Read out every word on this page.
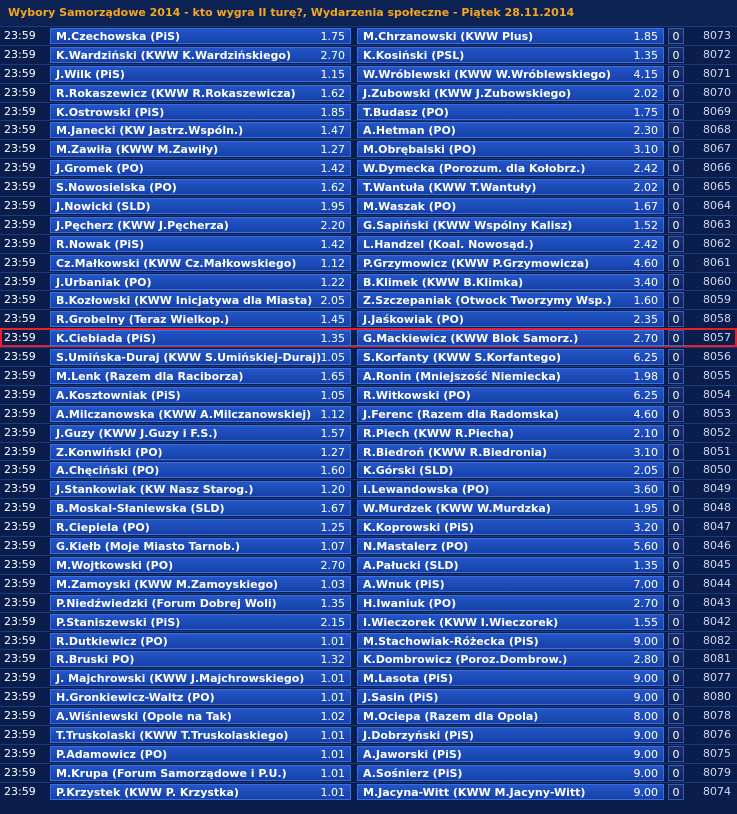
Wybory Samorządowe 2014 - kto wygra II turę?, Wydarzenia społeczne - Piątek 28.11.2014
23:59	M.Czechowska (PiS)	1.75 M.Chrzanowski (KWW Plus)	1.85	0	8073
23:59	K.Wardziński (KWW K.Wardzińskiego)	2.70 K.Kosiński (PSL)	1.35	0	8072
23:59	J.Wilk (PiS)	1.15 W.Wróblewski (KWW W.Wróblewskiego) 4.15	0	8071
23:59	R.Rokaszewicz (KWW R.Rokaszewicza) 1.62 J.Zubowski (KWW J.Zubowskiego)	2.02	0	8070
23:59	K.Ostrowski (PiS)	1.85 T.Budasz (PO)	1.75	0	8069
23:59	M.Janecki (KW Jastrz.Wspóln.)	1.47 A.Hetman (PO)	2.30	0	8068
23:59	M.Zawiła (KWW M.Zawiły)	1.27 M.Obrębalski (PO)	3.10	0	8067
23:59	J.Gromek (PO)	1.42 W.Dymecka (Porozum. dla Kołobrz.)	2.42	0	8066
23:59	S.Nowosielska (PO)	1.62 T.Wantuła (KWW T.Wantuły)	2.02	0	8065
23:59	J.Nowicki (SLD)	1.95 M.Waszak (PO)	1.67	0	8064
23:59	J.Pęcherz (KWW J.Pęcherza)	2.20 G.Sapiński (KWW Wspólny Kalisz)	1.52	0	8063
23:59	R.Nowak (PiS)	1.42 L.Handzel (Koal. Nowosąd.)	2.42	0	8062
23:59	Cz.Małkowski (KWW Cz.Małkowskiego) 1.12 P.Grzymowicz (KWW P.Grzymowicza)	4.60	0	8061
23:59	J.Urbaniak (PO)	1.22 B.Klimek (KWW B.Klimka)	3.40	0	8060
23:59	B.Kozłowski (KWW Inicjatywa dla Miasta) 2.05 Z.Szczepaniak (Otwock Tworzymy Wsp.) 1.60	0	8059
23:59	R.Grobelny (Teraz Wielkop.)	1.45 J.Jaśkowiak (PO)	2.35	0	8058
23:59	K.Ciebiada (PiS)	1.35 G.Mackiewicz (KWW Blok Samorz.)	2.70	0	8057
23:59	S.Umińska-Duraj (KWW S.Umińskiej-Duraj) 1.05 S.Korfanty (KWW S.Korfantego)	6.25	0	8056
23:59	M.Lenk (Razem dla Raciborza)	1.65 A.Ronin (Mniejszość Niemiecka)	1.98	0	8055
23:59	A.Kosztowniak (PiS)	1.05 R.Witkowski (PO)	6.25	0	8054
23:59	A.Milczanowska (KWW A.Milczanowskiej) 1.12 J.Ferenc (Razem dla Radomska)	4.60	0	8053
23:59	J.Guzy (KWW J.Guzy i F.S.)	1.57 R.Piech (KWW R.Piecha)	2.10	0	8052
23:59	Z.Konwiński (PO)	1.27 R.Biedroń (KWW R.Biedronia)	3.10	0	8051
23:59	A.Chęciński (PO)	1.60 K.Górski (SLD)	2.05	0	8050
23:59	J.Stankowiak (KW Nasz Starog.)	1.20 I.Lewandowska (PO)	3.60	0	8049
23:59	B.Moskal-Słaniewska (SLD)	1.67 W.Murdzek (KWW W.Murdzka)	1.95	0	8048
23:59	R.Ciepiela (PO)	1.25 K.Koprowski (PiS)	3.20	0	8047
23:59	G.Kiełb (Moje Miasto Tarnob.)	1.07 N.Mastalerz (PO)	5.60	0	8046
23:59	M.Wojtkowski (PO)	2.70 A.Pałucki (SLD)	1.35	0	8045
23:59	M.Zamoyski (KWW M.Zamoyskiego)	1.03 A.Wnuk (PiS)	7.00	0	8044
23:59	P.Niedźwiedzki (Forum Dobrej Woli)	1.35 H.Iwaniuk (PO)	2.70	0	8043
23:59	P.Staniszewski (PiS)	2.15 I.Wieczorek (KWW I.Wieczorek)	1.55	0	8042
23:59	R.Dutkiewicz (PO)	1.01 M.Stachowiak-Różecka (PiS)	9.00	0	8082
23:59	R.Bruski PO)	1.32 K.Dombrowicz (Poroz.Dombrow.)	2.80	0	8081
23:59	J. Majchrowski (KWW J.Majchrowskiego) 1.01 M.Lasota (PiS)	9.00	0	8077
23:59	H.Gronkiewicz-Waltz (PO)	1.01 J.Sasin (PiS)	9.00	0	8080
23:59	A.Wiśniewski (Opole na Tak)	1.02 M.Ociepa (Razem dla Opola)	8.00	0	8078
23:59	T.Truskolaski (KWW T.Truskolaskiego)	1.01 J.Dobrzyński (PiS)	9.00	0	8076
23:59	P.Adamowicz (PO)	1.01 A.Jaworski (PiS)	9.00	0	8075
23:59	M.Krupa (Forum Samorządowe i P.U.)	1.01 A.Sośnierz (PiS)	9.00	0	8079
23:59	P.Krzystek (KWW P. Krzystka)	1.01 M.Jacyna-Witt (KWW M.Jacyny-Witt)	9.00	0	8074
